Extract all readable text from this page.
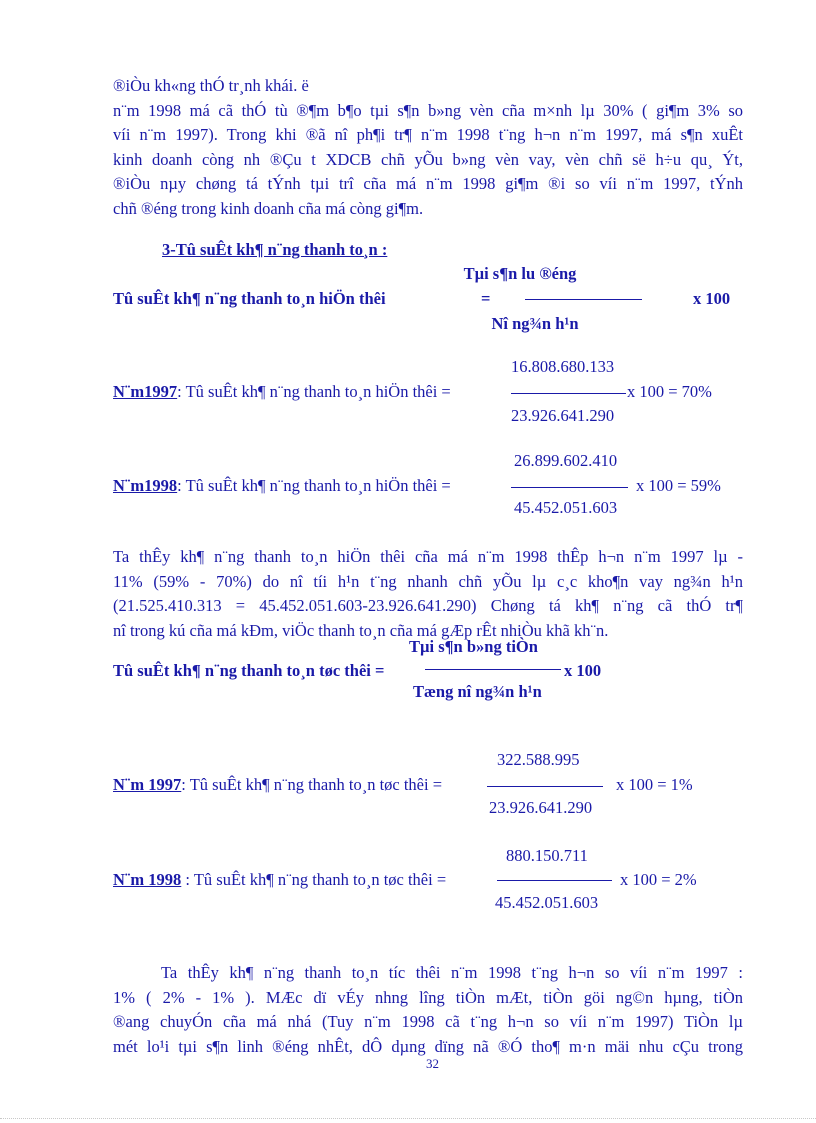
®iÒu kh«ng thÓ tr¸nh khái. ë
n¨m 1998 má cã thÓ tù ®¶m b¶o tµi s¶n b»ng vèn cña m×nh lµ 30% ( gi¶m 3% so
víi n¨m 1997). Trong khi ®ã nî ph¶i tr¶ n¨m 1998 t¨ng h¬n n¨m 1997, má s¶n xuÊt
kinh doanh còng nh ®Çu t XDCB chñ yÕu b»ng vèn vay, vèn chñ së h÷u qu¸ Ýt,
®iÒu nµy chøng tá tÝnh tµi trî cña má n¨m 1998 gi¶m ®i so víi n¨m 1997, tÝnh
chñ ®éng trong kinh doanh cña má còng gi¶m.
3-Tû suÊt kh¶ n¨ng thanh to¸n :
Tµi s¶n lu ®éng
Tû suÊt kh¶ n¨ng thanh to¸n hiÖn thêi	=	x 100
Nî ng¾n h¹n
16.808.680.133
N¨m1997: Tû suÊt kh¶ n¨ng thanh to¸n hiÖn thêi =	x 100 = 70%
23.926.641.290
26.899.602.410
N¨m1998: Tû suÊt kh¶ n¨ng thanh to¸n hiÖn thêi =	x 100 = 59%
45.452.051.603
Ta thÊy kh¶ n¨ng thanh to¸n hiÖn thêi cña má n¨m 1998 thÊp h¬n n¨m 1997 lµ -
11% (59% - 70%) do nî tíi h¹n t¨ng nhanh chñ yÕu lµ c¸c kho¶n vay ng¾n h¹n
(21.525.410.313 = 45.452.051.603-23.926.641.290) Chøng tá kh¶ n¨ng cã thÓ tr¶
nî trong kú cña má kÐm, viÖc thanh to¸n cña má gÆp rÊt nhiÒu khã kh¨n.
Tµi s¶n b»ng tiÒn
Tû suÊt kh¶ n¨ng thanh to¸n tøc thêi =	x 100
Tæng nî ng¾n h¹n
322.588.995
N¨m 1997: Tû suÊt kh¶ n¨ng thanh to¸n tøc thêi =	x 100 = 1%
23.926.641.290
880.150.711
N¨m 1998 : Tû suÊt kh¶ n¨ng thanh to¸n tøc thêi =	x 100 = 2%
45.452.051.603
Ta thÊy kh¶ n¨ng thanh to¸n tíc thêi n¨m 1998 t¨ng h¬n so víi n¨m 1997 :
1% ( 2% - 1% ). MÆc dï vÉy nhng lîng tiÒn mÆt, tiÒn göi ng©n hµng, tiÒn
®ang chuyÓn cña má nhá (Tuy n¨m 1998 cã t¨ng h¬n so víi n¨m 1997) TiÒn lµ
mét lo¹i tµi s¶n linh ®éng nhÊt, dÔ dµng dïng nã ®Ó tho¶ m·n mäi nhu cÇu trong
32
